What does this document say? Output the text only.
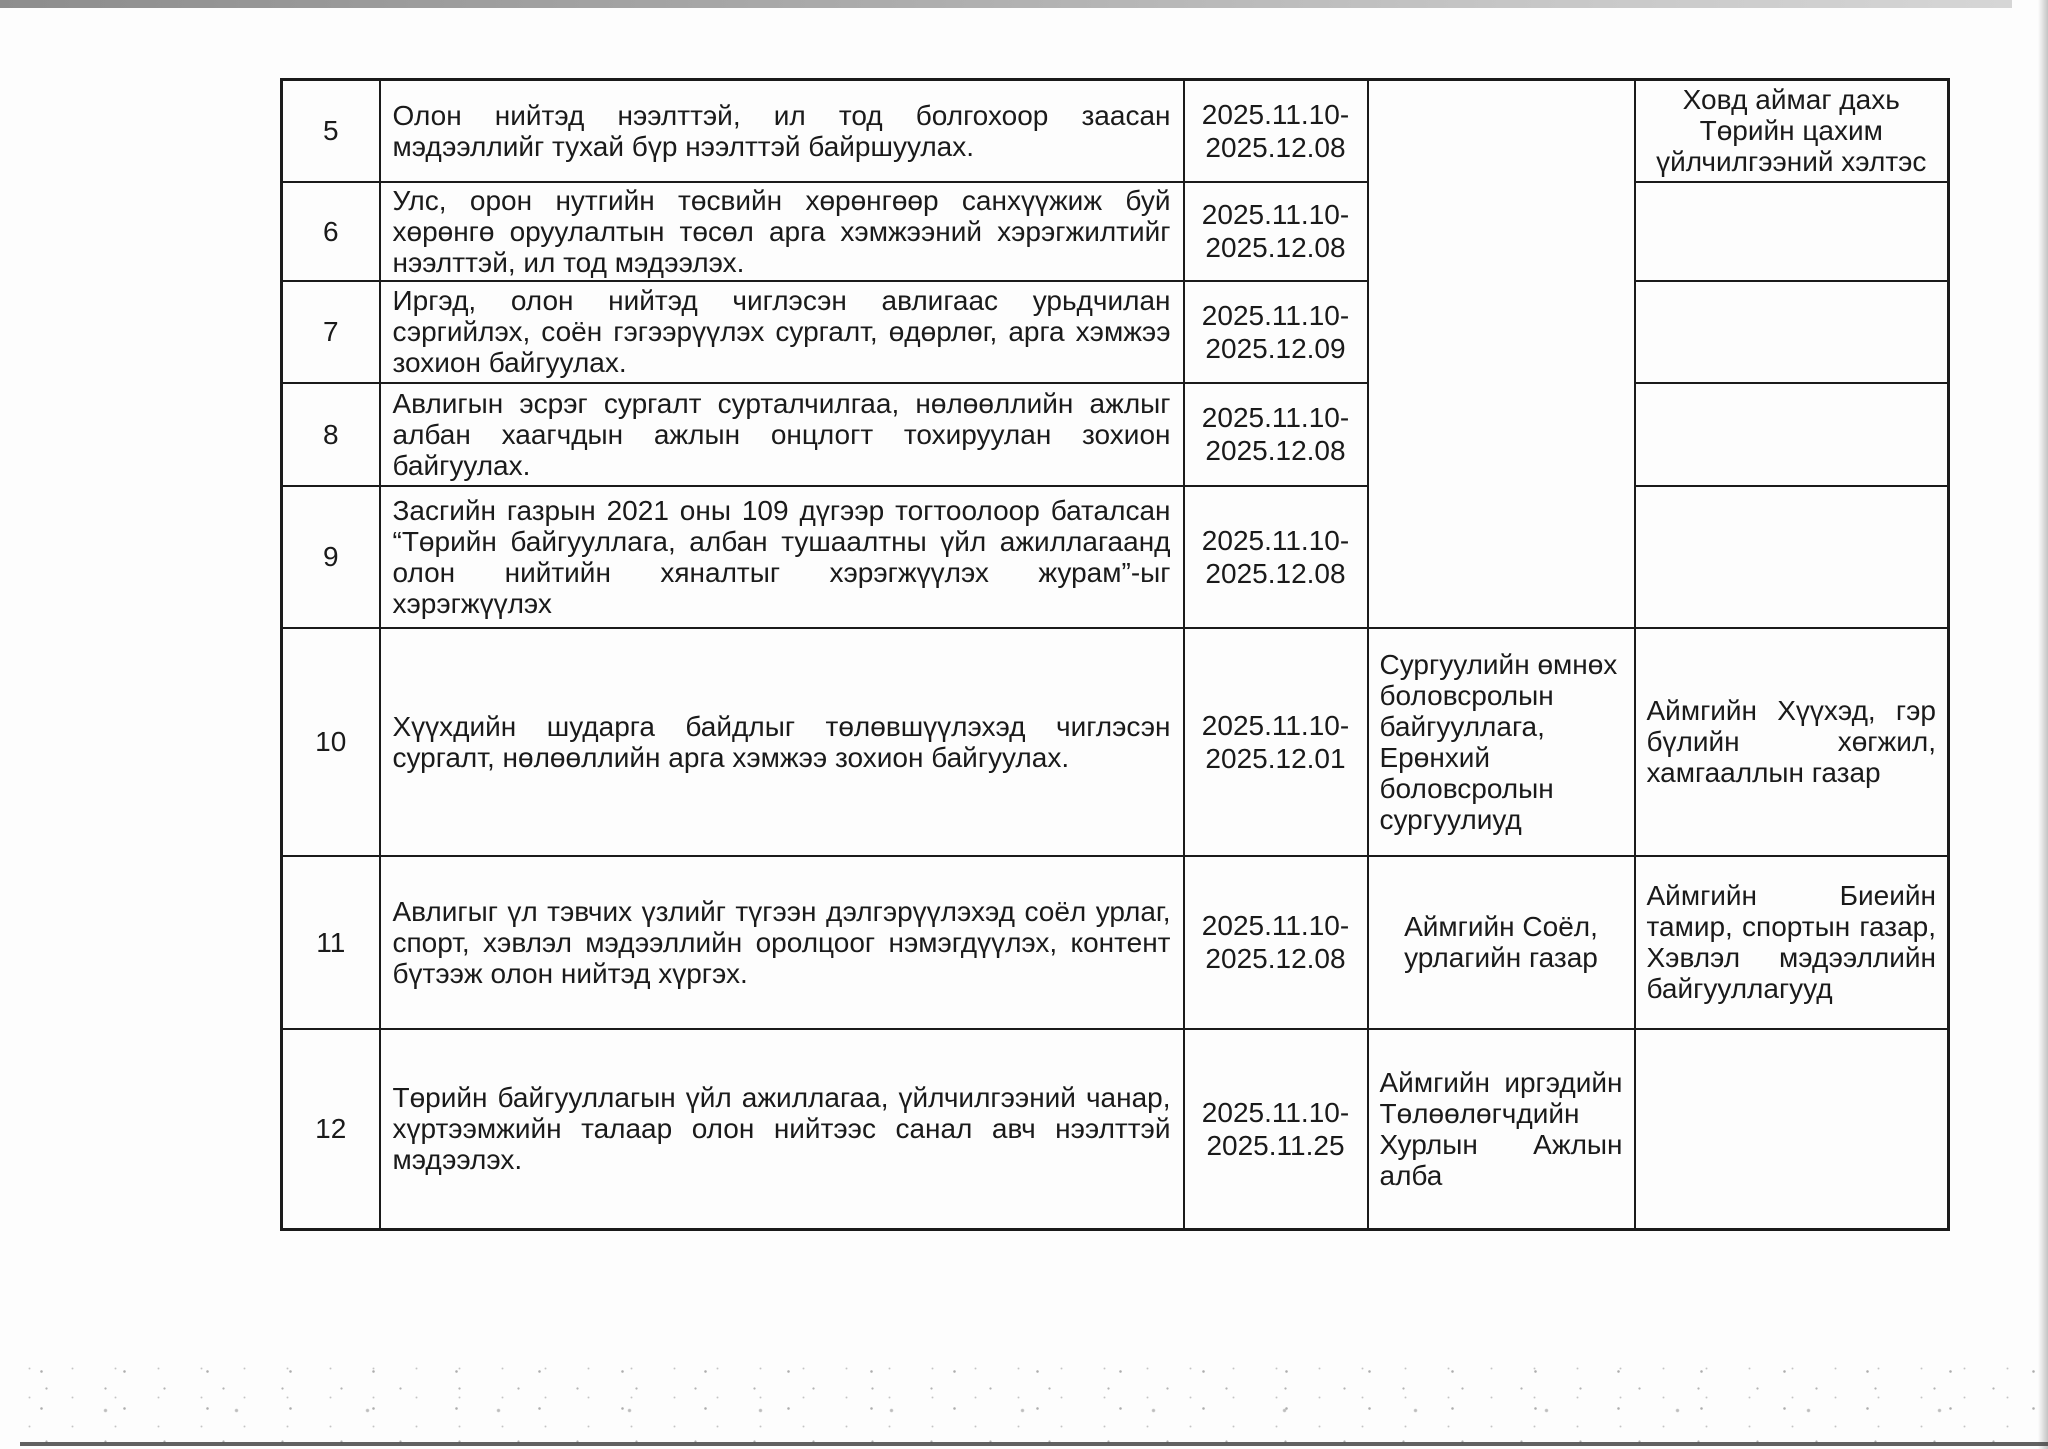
5	Олон нийтэд нээлттэй, ил тод болгохоор заасан мэдээллийг тухай бүр нээлттэй байршуулах.	2025.11.10-
2025.12.08		Ховд аймаг дахь Төрийн цахим үйлчилгээний хэлтэс
6	Улс, орон нутгийн төсвийн хөрөнгөөр санхүүжиж буй хөрөнгө оруулалтын төсөл арга хэмжээний хэрэгжилтийг нээлттэй, ил тод мэдээлэх.	2025.11.10-
2025.12.08		
7	Иргэд, олон нийтэд чиглэсэн авлигаас урьдчилан сэргийлэх, соён гэгээрүүлэх сургалт, өдөрлөг, арга хэмжээ зохион байгуулах.	2025.11.10-
2025.12.09		
8	Авлигын эсрэг сургалт сурталчилгаа, нөлөөллийн ажлыг албан хаагчдын ажлын онцлогт тохируулан зохион байгуулах.	2025.11.10-
2025.12.08		
9	Засгийн газрын 2021 оны 109 дүгээр тогтоолоор баталсан “Төрийн байгууллага, албан тушаалтны үйл ажиллагаанд олон нийтийн хяналтыг хэрэгжүүлэх журам”-ыг хэрэгжүүлэх	2025.11.10-
2025.12.08		
10	Хүүхдийн шударга байдлыг төлөвшүүлэхэд чиглэсэн сургалт, нөлөөллийн арга хэмжээ зохион байгуулах.	2025.11.10-
2025.12.01	Сургуулийн өмнөх боловсролын байгууллага, Ерөнхий боловсролын сургуулиуд	Аймгийн Хүүхэд, гэр бүлийн хөгжил, хамгааллын газар
11	Авлигыг үл тэвчих үзлийг түгээн дэлгэрүүлэхэд соёл урлаг, спорт, хэвлэл мэдээллийн оролцоог нэмэгдүүлэх, контент бүтээж олон нийтэд хүргэх.	2025.11.10-
2025.12.08	Аймгийн Соёл, урлагийн газар	Аймгийн Биеийн тамир, спортын газар, Хэвлэл мэдээллийн байгууллагууд
12	Төрийн байгууллагын үйл ажиллагаа, үйлчилгээний чанар, хүртээмжийн талаар олон нийтээс санал авч нээлттэй мэдээлэх.	2025.11.10-
2025.11.25	Аймгийн иргэдийн Төлөөлөгчдийн Хурлын Ажлын алба	
